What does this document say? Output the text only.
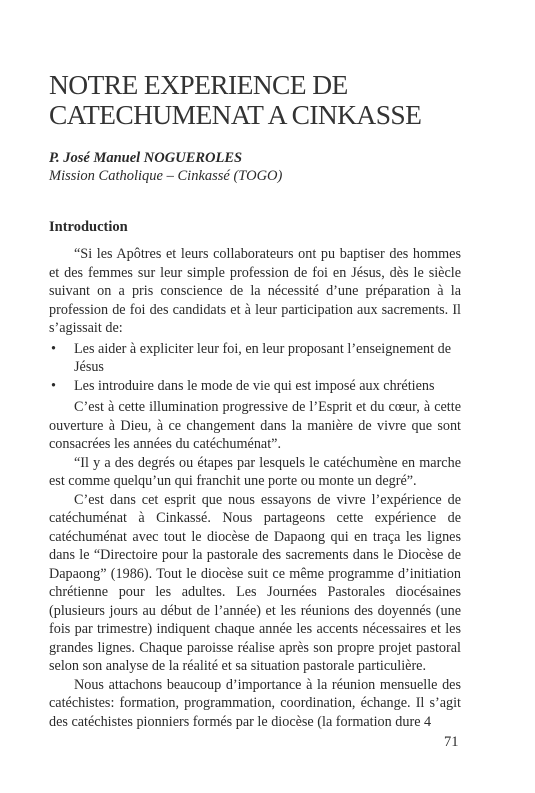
NOTRE EXPERIENCE DE
CATECHUMENAT A CINKASSE

P. José Manuel NOGUEROLES

Mission Catholique – Cinkassé (TOGO)

Introduction

“Si les Apôtres et leurs collaborateurs ont pu baptiser des hommes et des femmes sur leur simple profession de foi en Jésus, dès le siècle suivant on a pris conscience de la nécessité d’une préparation à la profession de foi des candidats et à leur participation aux sacrements. Il s’agissait de:

• Les aider à expliciter leur foi, en leur proposant l’enseignement de Jésus
• Les introduire dans le mode de vie qui est imposé aux chrétiens

C’est à cette illumination progressive de l’Esprit et du cœur, à cette ouverture à Dieu, à ce changement dans la manière de vivre que sont consacrées les années du catéchuménat”.

“Il y a des degrés ou étapes par lesquels le catéchumène en marche est comme quelqu’un qui franchit une porte ou monte un degré”.

C’est dans cet esprit que nous essayons de vivre l’expérience de catéchuménat à Cinkassé. Nous partageons cette expérience de catéchuménat avec tout le diocèse de Dapaong qui en traça les lignes dans le “Directoire pour la pastorale des sacrements dans le Diocèse de Dapaong” (1986). Tout le diocèse suit ce même programme d’initiation chrétienne pour les adultes. Les Journées Pastorales diocésaines (plusieurs jours au début de l’année) et les réunions des doyennés (une fois par trimestre) indiquent chaque année les accents nécessaires et les grandes lignes. Chaque paroisse réalise après son propre projet pastoral selon son analyse de la réalité et sa situation pastorale particulière.

Nous attachons beaucoup d’importance à la réunion mensuelle des catéchistes: formation, programmation, coordination, échange. Il s’agit des catéchistes pionniers formés par le diocèse (la formation dure 4

71
